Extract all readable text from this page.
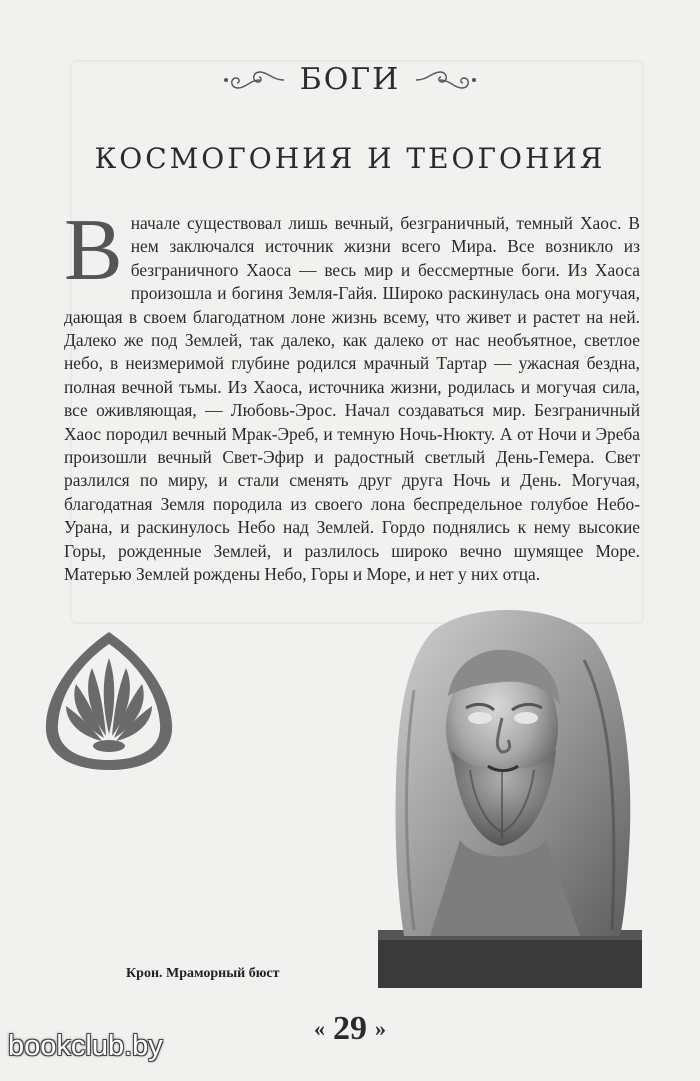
БОГИ
КОСМОГОНИЯ И ТЕОГОНИЯ
В начале существовал лишь вечный, безграничный, темный Хаос. В нем заключался источник жизни всего Мира. Все возникло из безграничного Хаоса — весь мир и бессмертные боги. Из Хаоса произошла и богиня Земля-Гайя. Широко раскинулась она могучая, дающая в своем благодатном лоне жизнь всему, что живет и растет на ней. Далеко же под Землей, так далеко, как далеко от нас необъятное, светлое небо, в неизмеримой глубине родился мрачный Тартар — ужасная бездна, полная вечной тьмы. Из Хаоса, источника жизни, родилась и могучая сила, все оживляющая, — Любовь-Эрос. Начал создаваться мир. Безграничный Хаос породил вечный Мрак-Эреб, и темную Ночь-Нюкту. А от Ночи и Эреба произошли вечный Свет-Эфир и радостный светлый День-Гемера. Свет разлился по миру, и стали сменять друг друга Ночь и День. Могучая, благодатная Земля породила из своего лона беспредельное голубое Небо-Урана, и раскинулось Небо над Землей. Гордо поднялись к нему высокие Горы, рожденные Землей, и разлилось широко вечно шумящее Море. Матерью Землей рождены Небо, Горы и Море, и нет у них отца.
Крон. Мраморный бюст
« 29 »
bookclub.by
